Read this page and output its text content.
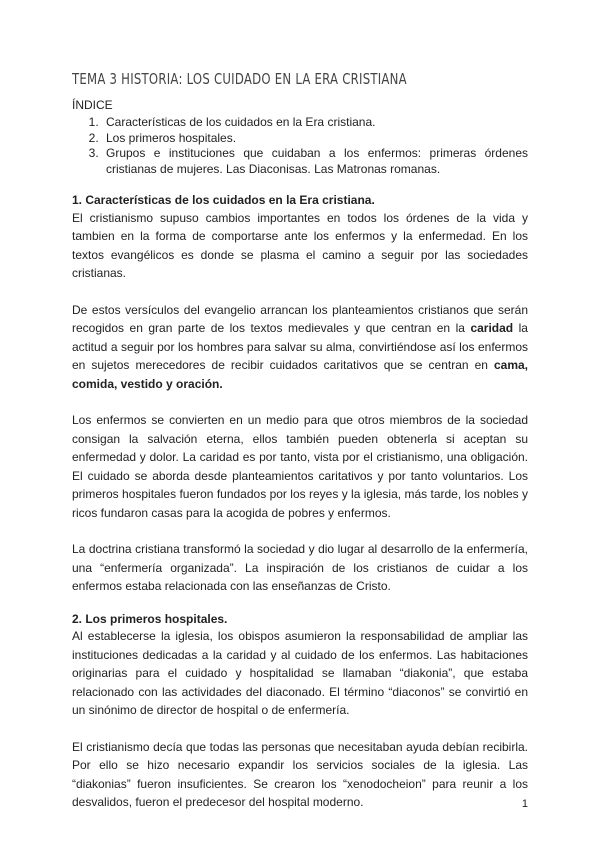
TEMA 3 HISTORIA: LOS CUIDADO EN LA ERA CRISTIANA
ÍNDICE
1. Características de los cuidados en la Era cristiana.
2. Los primeros hospitales.
3. Grupos e instituciones que cuidaban a los enfermos: primeras órdenes cristianas de mujeres. Las Diaconisas. Las Matronas romanas.
1. Características de los cuidados en la Era cristiana.

El cristianismo supuso cambios importantes en todos los órdenes de la vida y tambien en la forma de comportarse ante los enfermos y la enfermedad. En los textos evangélicos es donde se plasma el camino a seguir por las sociedades cristianas.

De estos versículos del evangelio arrancan los planteamientos cristianos que serán recogidos en gran parte de los textos medievales y que centran en la caridad la actitud a seguir por los hombres para salvar su alma, convirtiéndose así los enfermos en sujetos merecedores de recibir cuidados caritativos que se centran en cama, comida, vestido y oración.

Los enfermos se convierten en un medio para que otros miembros de la sociedad consigan la salvación eterna, ellos también pueden obtenerla si aceptan su enfermedad y dolor. La caridad es por tanto, vista por el cristianismo, una obligación. El cuidado se aborda desde planteamientos caritativos y por tanto voluntarios. Los primeros hospitales fueron fundados por los reyes y la iglesia, más tarde, los nobles y ricos fundaron casas para la acogida de pobres y enfermos.

La doctrina cristiana transformó la sociedad y dio lugar al desarrollo de la enfermería, una “enfermería organizada”. La inspiración de los cristianos de cuidar a los enfermos estaba relacionada con las enseñanzas de Cristo.

2. Los primeros hospitales.

Al establecerse la iglesia, los obispos asumieron la responsabilidad de ampliar las instituciones dedicadas a la caridad y al cuidado de los enfermos. Las habitaciones originarias para el cuidado y hospitalidad se llamaban “diakonia”, que estaba relacionado con las actividades del diaconado. El término “diaconos” se convirtió en un sinónimo de director de hospital o de enfermería.

El cristianismo decía que todas las personas que necesitaban ayuda debían recibirla. Por ello se hizo necesario expandir los servicios sociales de la iglesia. Las “diakonias” fueron insuficientes. Se crearon los “xenodocheion” para reunir a los desvalidos, fueron el predecesor del hospital moderno.	1
